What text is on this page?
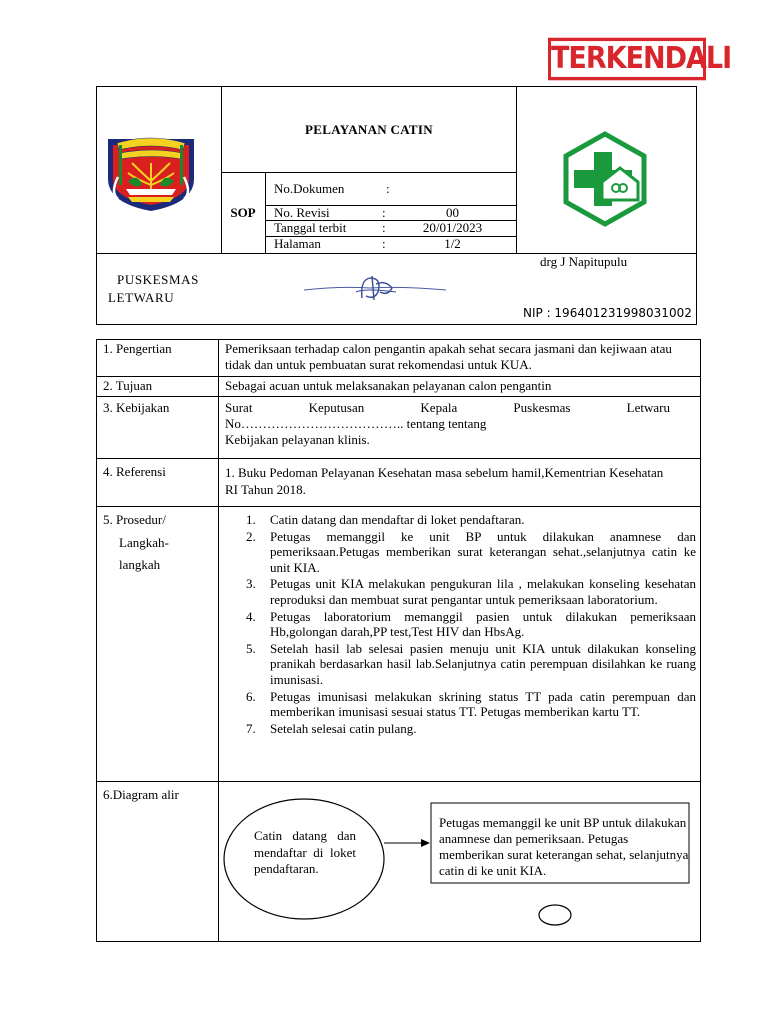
TERKENDALI
PELAYANAN CATIN
SOP
No.Dokumen	:
No. Revisi	:	00
Tanggal terbit	:	20/01/2023
Halaman	:	1/2
PUSKESMAS
LETWARU
drg J Napitupulu
NIP : 196401231998031002
1. Pengertian	Pemeriksaan terhadap calon pengantin apakah sehat secara jasmani dan kejiwaan atau tidak dan untuk pembuatan surat rekomendasi untuk KUA.
2. Tujuan	Sebagai acuan untuk melaksanakan pelayanan calon pengantin
3. Kebijakan	Surat Keputusan Kepala Puskesmas Letwaru
No……………………………….. tentang tentang
Kebijakan pelayanan klinis.
4. Referensi	1. Buku Pedoman Pelayanan Kesehatan masa sebelum hamil,Kementrian Kesehatan RI Tahun 2018.
5. Prosedur/
Langkah-
langkah
1. Catin datang dan mendaftar di loket pendaftaran.
2. Petugas memanggil ke unit BP untuk dilakukan anamnese dan pemeriksaan.Petugas memberikan surat keterangan sehat.,selanjutnya catin ke unit KIA.
3. Petugas unit KIA melakukan pengukuran lila , melakukan konseling kesehatan reproduksi dan membuat surat pengantar untuk pemeriksaan laboratorium.
4. Petugas laboratorium memanggil pasien untuk dilakukan pemeriksaan Hb,golongan darah,PP test,Test HIV dan HbsAg.
5. Setelah hasil lab selesai pasien menuju unit KIA untuk dilakukan konseling pranikah berdasarkan hasil lab.Selanjutnya catin perempuan disilahkan ke ruang imunisasi.
6. Petugas imunisasi melakukan skrining status TT pada catin perempuan dan memberikan imunisasi sesuai status TT. Petugas memberikan kartu TT.
7. Setelah selesai catin pulang.
6.Diagram alir
Catin datang dan mendaftar di loket pendaftaran.
Petugas memanggil ke unit BP untuk dilakukan anamnese dan pemeriksaan. Petugas memberikan surat keterangan sehat, selanjutnya catin di ke unit KIA.
